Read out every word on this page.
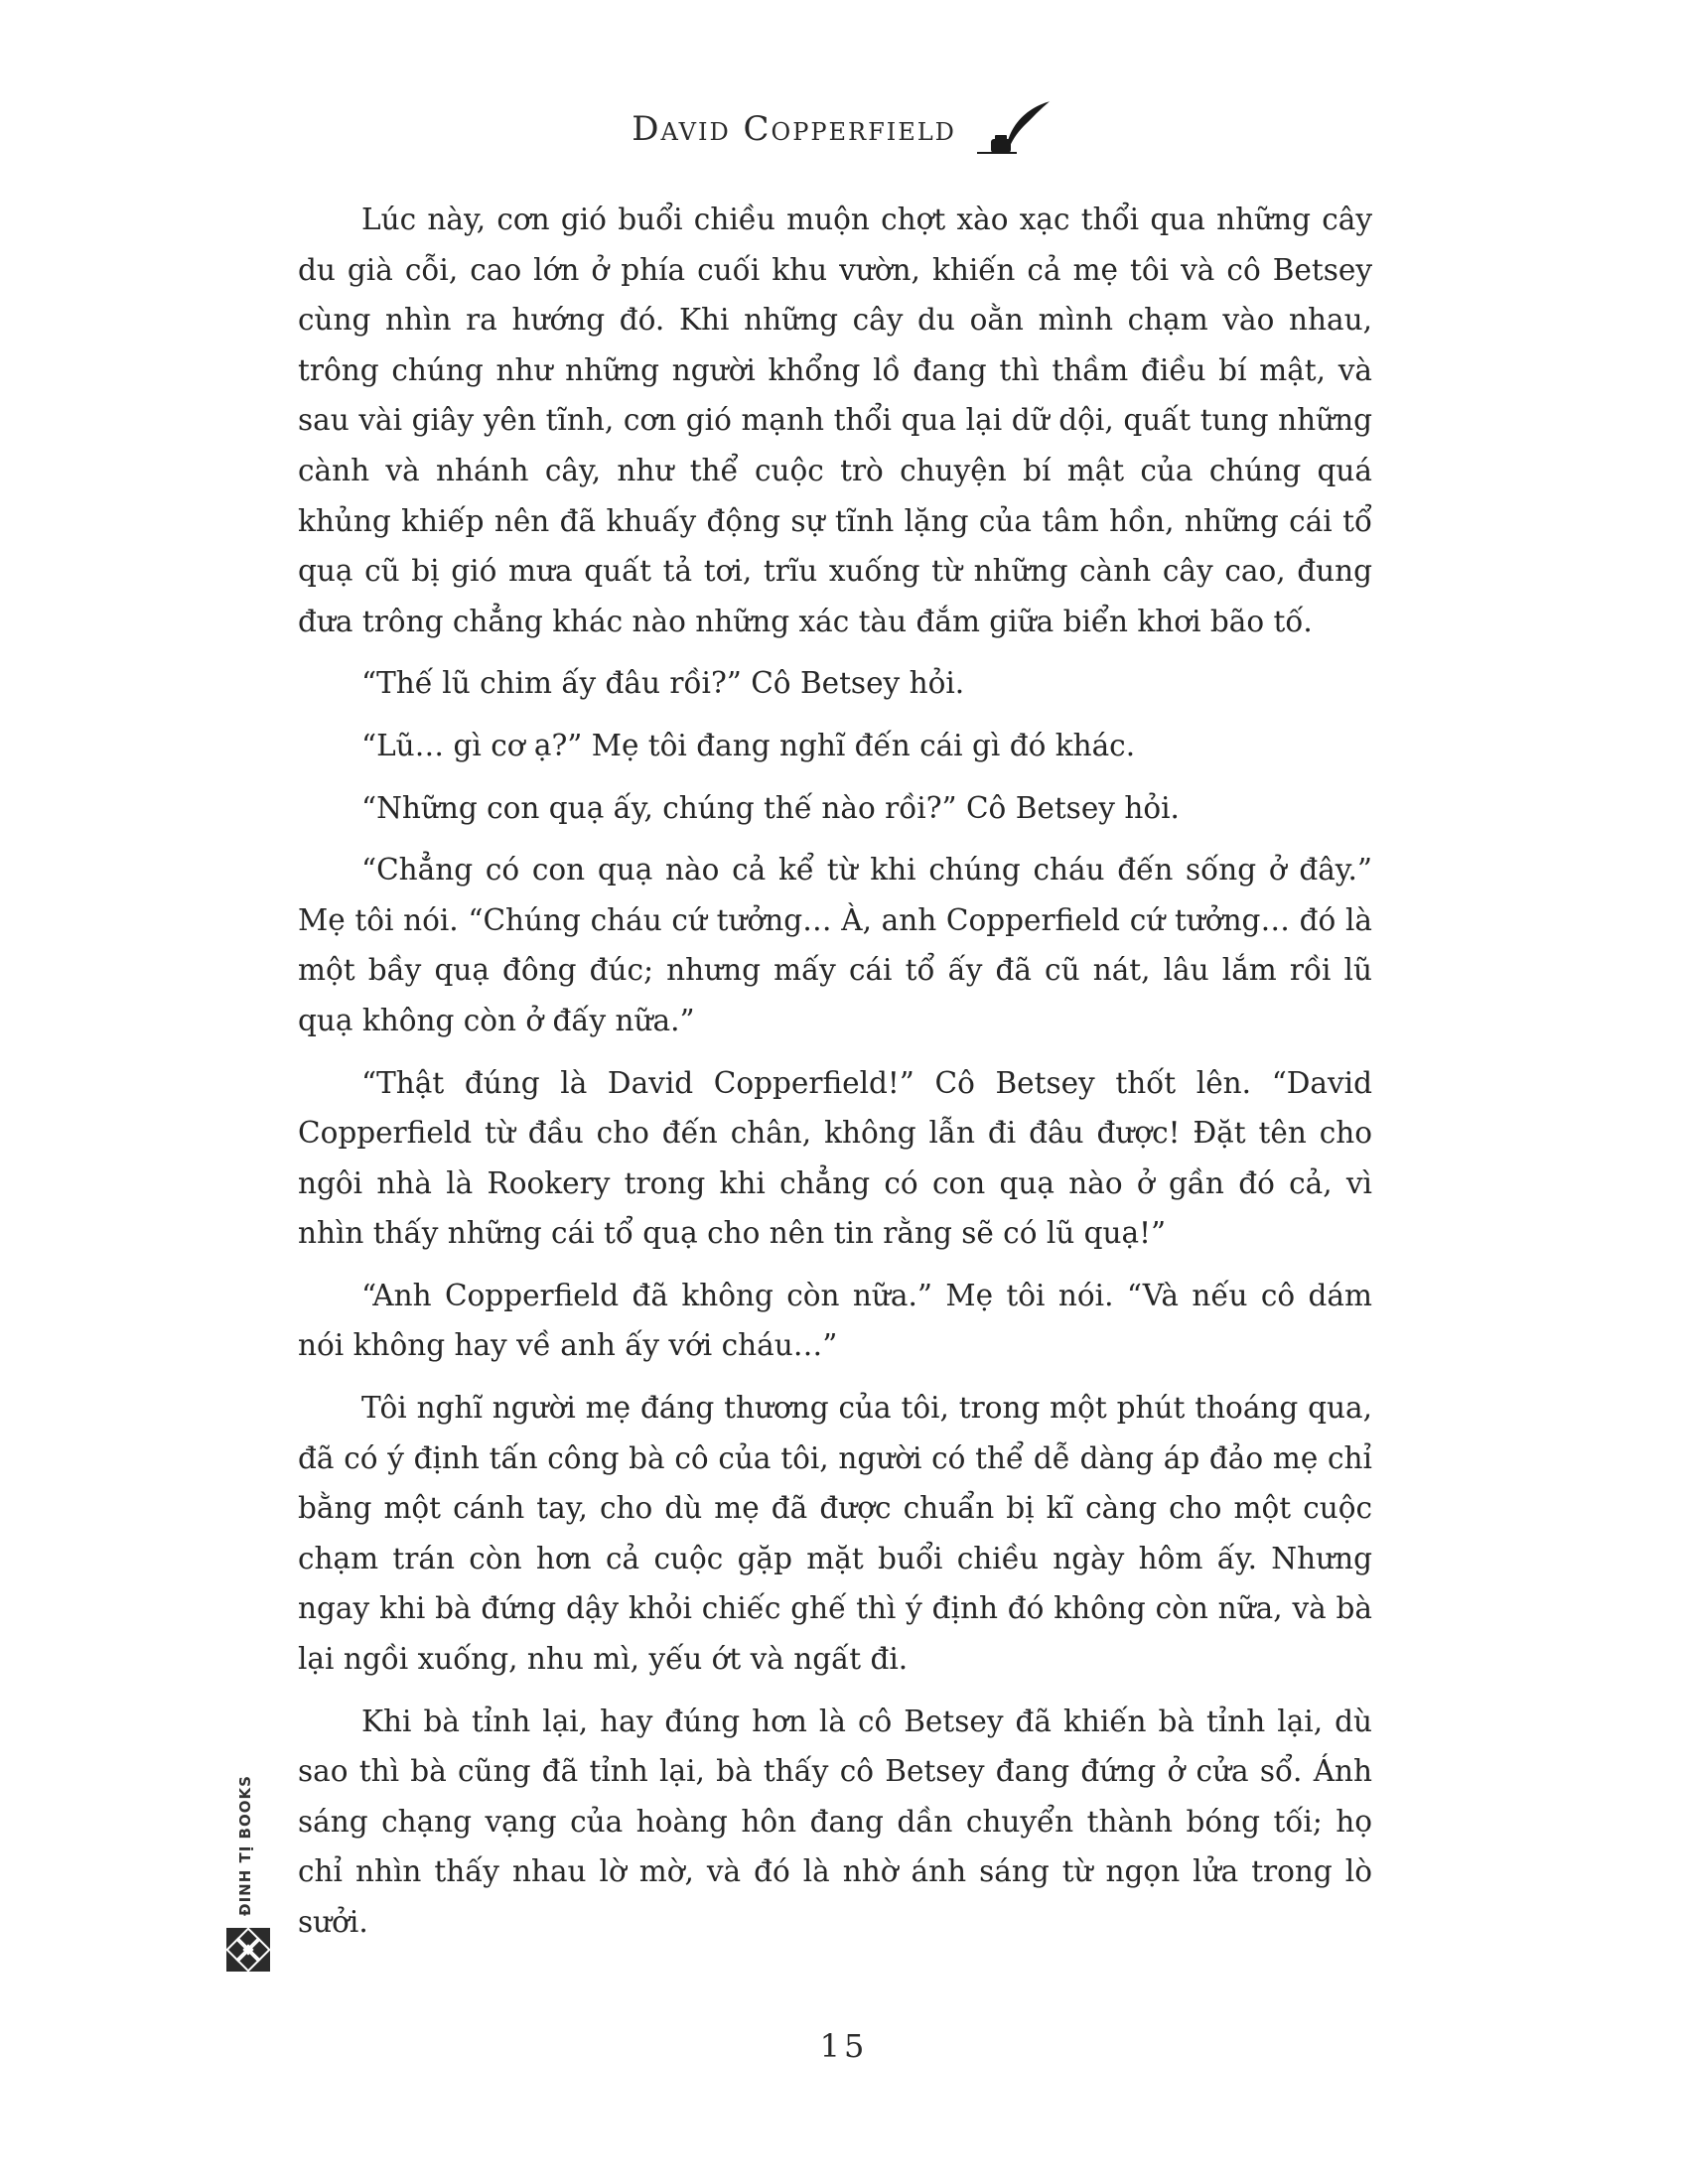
David Copperfield

Lúc này, cơn gió buổi chiều muộn chợt xào xạc thổi qua những cây du già cỗi, cao lớn ở phía cuối khu vườn, khiến cả mẹ tôi và cô Betsey cùng nhìn ra hướng đó. Khi những cây du oằn mình chạm vào nhau, trông chúng như những người khổng lồ đang thì thầm điều bí mật, và sau vài giây yên tĩnh, cơn gió mạnh thổi qua lại dữ dội, quất tung những cành và nhánh cây, như thể cuộc trò chuyện bí mật của chúng quá khủng khiếp nên đã khuấy động sự tĩnh lặng của tâm hồn, những cái tổ quạ cũ bị gió mưa quất tả tơi, trĩu xuống từ những cành cây cao, đung đưa trông chẳng khác nào những xác tàu đắm giữa biển khơi bão tố.

“Thế lũ chim ấy đâu rồi?” Cô Betsey hỏi.

“Lũ… gì cơ ạ?” Mẹ tôi đang nghĩ đến cái gì đó khác.

“Những con quạ ấy, chúng thế nào rồi?” Cô Betsey hỏi.

“Chẳng có con quạ nào cả kể từ khi chúng cháu đến sống ở đây.” Mẹ tôi nói. “Chúng cháu cứ tưởng… À, anh Copperfield cứ tưởng… đó là một bầy quạ đông đúc; nhưng mấy cái tổ ấy đã cũ nát, lâu lắm rồi lũ quạ không còn ở đấy nữa.”

“Thật đúng là David Copperfield!” Cô Betsey thốt lên. “David Copperfield từ đầu cho đến chân, không lẫn đi đâu được! Đặt tên cho ngôi nhà là Rookery trong khi chẳng có con quạ nào ở gần đó cả, vì nhìn thấy những cái tổ quạ cho nên tin rằng sẽ có lũ quạ!”

“Anh Copperfield đã không còn nữa.” Mẹ tôi nói. “Và nếu cô dám nói không hay về anh ấy với cháu…”

Tôi nghĩ người mẹ đáng thương của tôi, trong một phút thoáng qua, đã có ý định tấn công bà cô của tôi, người có thể dễ dàng áp đảo mẹ chỉ bằng một cánh tay, cho dù mẹ đã được chuẩn bị kĩ càng cho một cuộc chạm trán còn hơn cả cuộc gặp mặt buổi chiều ngày hôm ấy. Nhưng ngay khi bà đứng dậy khỏi chiếc ghế thì ý định đó không còn nữa, và bà lại ngồi xuống, nhu mì, yếu ớt và ngất đi.

Khi bà tỉnh lại, hay đúng hơn là cô Betsey đã khiến bà tỉnh lại, dù sao thì bà cũng đã tỉnh lại, bà thấy cô Betsey đang đứng ở cửa sổ. Ánh sáng chạng vạng của hoàng hôn đang dần chuyển thành bóng tối; họ chỉ nhìn thấy nhau lờ mờ, và đó là nhờ ánh sáng từ ngọn lửa trong lò sưởi.

ĐINH TỊ BOOKS
15
